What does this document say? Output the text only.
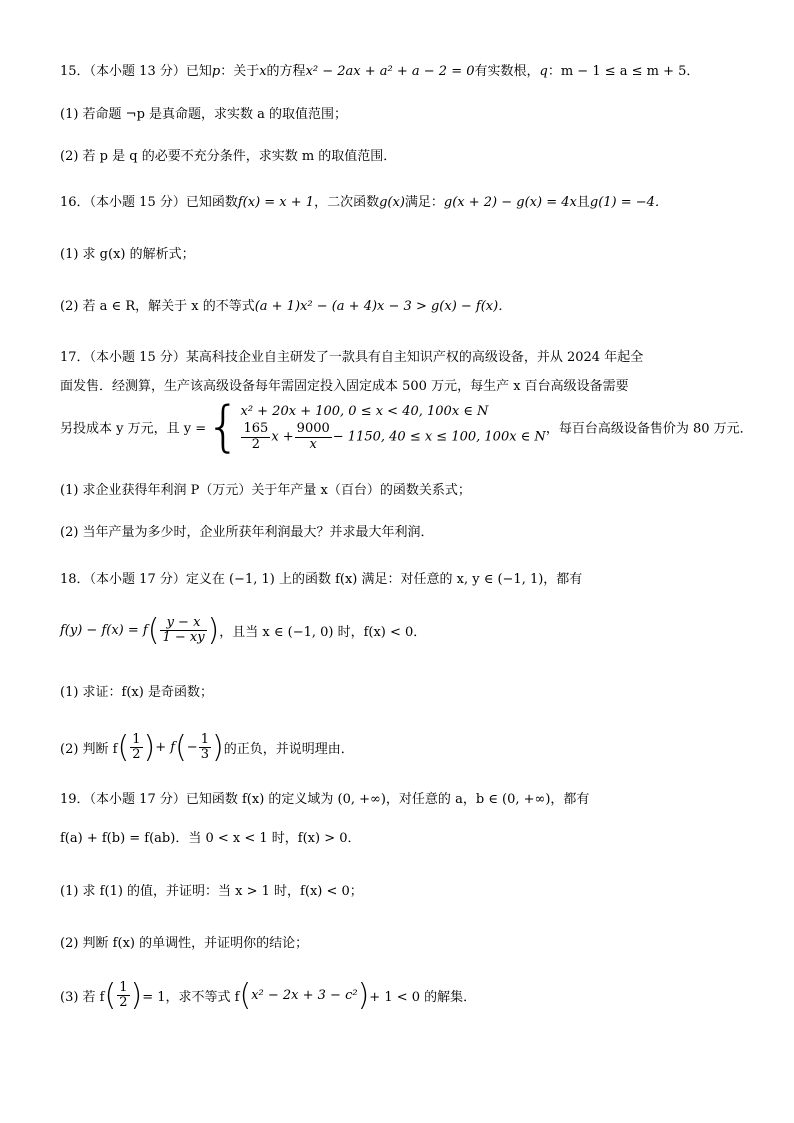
15．（本小题 13 分）已知p：关于x的方程x² − 2ax + a² + a − 2 = 0有实数根，q：m − 1 ≤ a ≤ m + 5．
(1) 若命题 ¬p 是真命题，求实数 a 的取值范围；
(2) 若 p 是 q 的必要不充分条件，求实数 m 的取值范围．
16．（本小题 15 分）已知函数f(x) = x + 1，二次函数g(x)满足：g(x + 2) − g(x) = 4x且g(1) = −4．
(1) 求 g(x) 的解析式；
(2) 若 a ∈ R，解关于 x 的不等式(a + 1)x² − (a + 4)x − 3 > g(x) − f(x)．
17．（本小题 15 分）某高科技企业自主研发了一款具有自主知识产权的高级设备，并从 2024 年起全
面发售．经测算，生产该高级设备每年需固定投入固定成本 500 万元，每生产 x 百台高级设备需要
另投成本 y 万元，且 y ={ x² + 20x + 100, 0 ≤ x < 40, 100x ∈ N
$\frac{165}{2}$ $x + \frac{9000}{x} - 1150$, 40 ≤ x ≤ 100, 100x ∈ N
，每百台高级设备售价为 80 万元．
(1) 求企业获得年利润 P（万元）关于年产量 x（百台）的函数关系式；
(2) 当年产量为多少时，企业所获年利润最大？并求最大年利润．
18．（本小题 17 分）定义在 (−1, 1) 上的函数 f(x) 满足：对任意的 x, y ∈ (−1, 1)，都有
$f(y) - f(x) = f( \frac{y - x}{1 - xy}$ )，且当 x ∈ (−1, 0) 时，f(x) < 0．
(1) 求证：f(x) 是奇函数；
(2) 判断 $f( \frac{1}{2}$ )+ $f(- \frac{1}{3}$ )的正负，并说明理由．
19．（本小题 17 分）已知函数 f(x) 的定义域为 (0, +∞)，对任意的 a，b ∈ (0, +∞)，都有
f(a) + f(b) = f(ab)．当 0 < x < 1 时，f(x) > 0．
(1) 求 f(1) 的值，并证明：当 x > 1 时，f(x) < 0；
(2) 判断 f(x) 的单调性，并证明你的结论；
(3) 若 $f( \frac{1}{2}$ )= 1，求不等式 f(x² − 2x + 3 − c²)+ 1 < 0 的解集．
